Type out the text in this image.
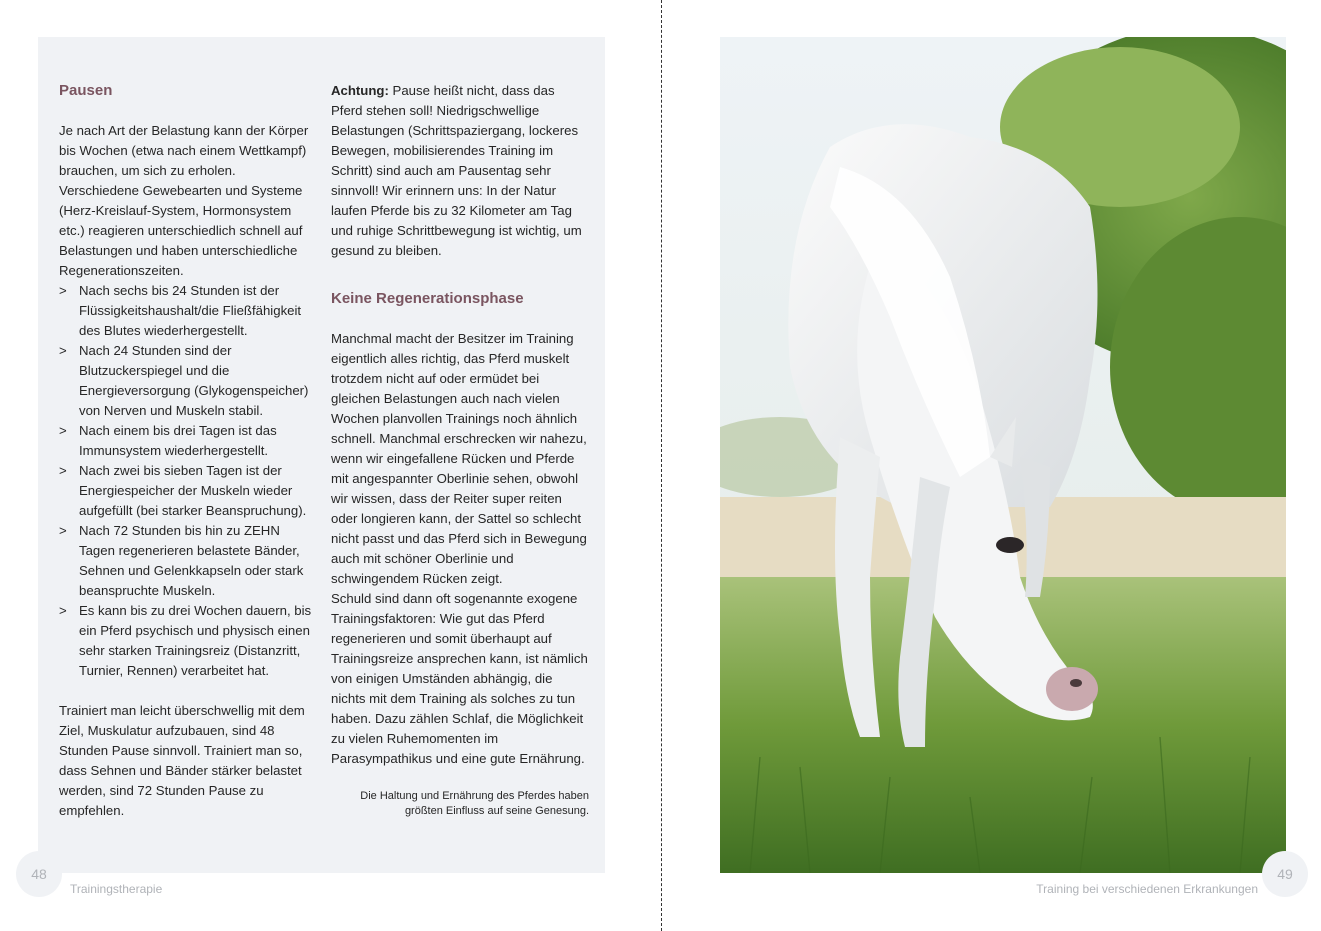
Pausen

Je nach Art der Belastung kann der Körper bis Wochen (etwa nach einem Wettkampf) brauchen, um sich zu erholen. Verschiedene Gewebearten und Systeme (Herz-Kreislauf-System, Hormonsystem etc.) reagieren unterschiedlich schnell auf Belastungen und haben unterschiedliche Regenerationszeiten.

> Nach sechs bis 24 Stunden ist der Flüssigkeitshaushalt/die Fließfähigkeit des Blutes wiederhergestellt.
> Nach 24 Stunden sind der Blutzuckerspiegel und die Energieversorgung (Glykogenspeicher) von Nerven und Muskeln stabil.
> Nach einem bis drei Tagen ist das Immunsystem wiederhergestellt.
> Nach zwei bis sieben Tagen ist der Energiespeicher der Muskeln wieder aufgefüllt (bei starker Beanspruchung).
> Nach 72 Stunden bis hin zu ZEHN Tagen regenerieren belastete Bänder, Sehnen und Gelenkkapseln oder stark beanspruchte Muskeln.
> Es kann bis zu drei Wochen dauern, bis ein Pferd psychisch und physisch einen sehr starken Trainingsreiz (Distanzritt, Turnier, Rennen) verarbeitet hat.

Trainiert man leicht überschwellig mit dem Ziel, Muskulatur aufzubauen, sind 48 Stunden Pause sinnvoll. Trainiert man so, dass Sehnen und Bänder stärker belastet werden, sind 72 Stunden Pause zu empfehlen.

Achtung: Pause heißt nicht, dass das Pferd stehen soll! Niedrigschwellige Belastungen (Schrittspaziergang, lockeres Bewegen, mobilisierendes Training im Schritt) sind auch am Pausentag sehr sinnvoll! Wir erinnern uns: In der Natur laufen Pferde bis zu 32 Kilometer am Tag und ruhige Schrittbewegung ist wichtig, um gesund zu bleiben.

Keine Regenerationsphase

Manchmal macht der Besitzer im Training eigentlich alles richtig, das Pferd muskelt trotzdem nicht auf oder ermüdet bei gleichen Belastungen auch nach vielen Wochen planvollen Trainings noch ähnlich schnell. Manchmal erschrecken wir nahezu, wenn wir eingefallene Rücken und Pferde mit angespannter Oberlinie sehen, obwohl wir wissen, dass der Reiter super reiten oder longieren kann, der Sattel so schlecht nicht passt und das Pferd sich in Bewegung auch mit schöner Oberlinie und schwingendem Rücken zeigt.

Schuld sind dann oft sogenannte exogene Trainingsfaktoren: Wie gut das Pferd regenerieren und somit überhaupt auf Trainingsreize ansprechen kann, ist nämlich von einigen Umständen abhängig, die nichts mit dem Training als solches zu tun haben. Dazu zählen Schlaf, die Möglichkeit zu vielen Ruhemomenten im Parasympathikus und eine gute Ernährung.

Die Haltung und Ernährung des Pferdes haben größten Einfluss auf seine Genesung.

48
Trainingstherapie
49
Training bei verschiedenen Erkrankungen
